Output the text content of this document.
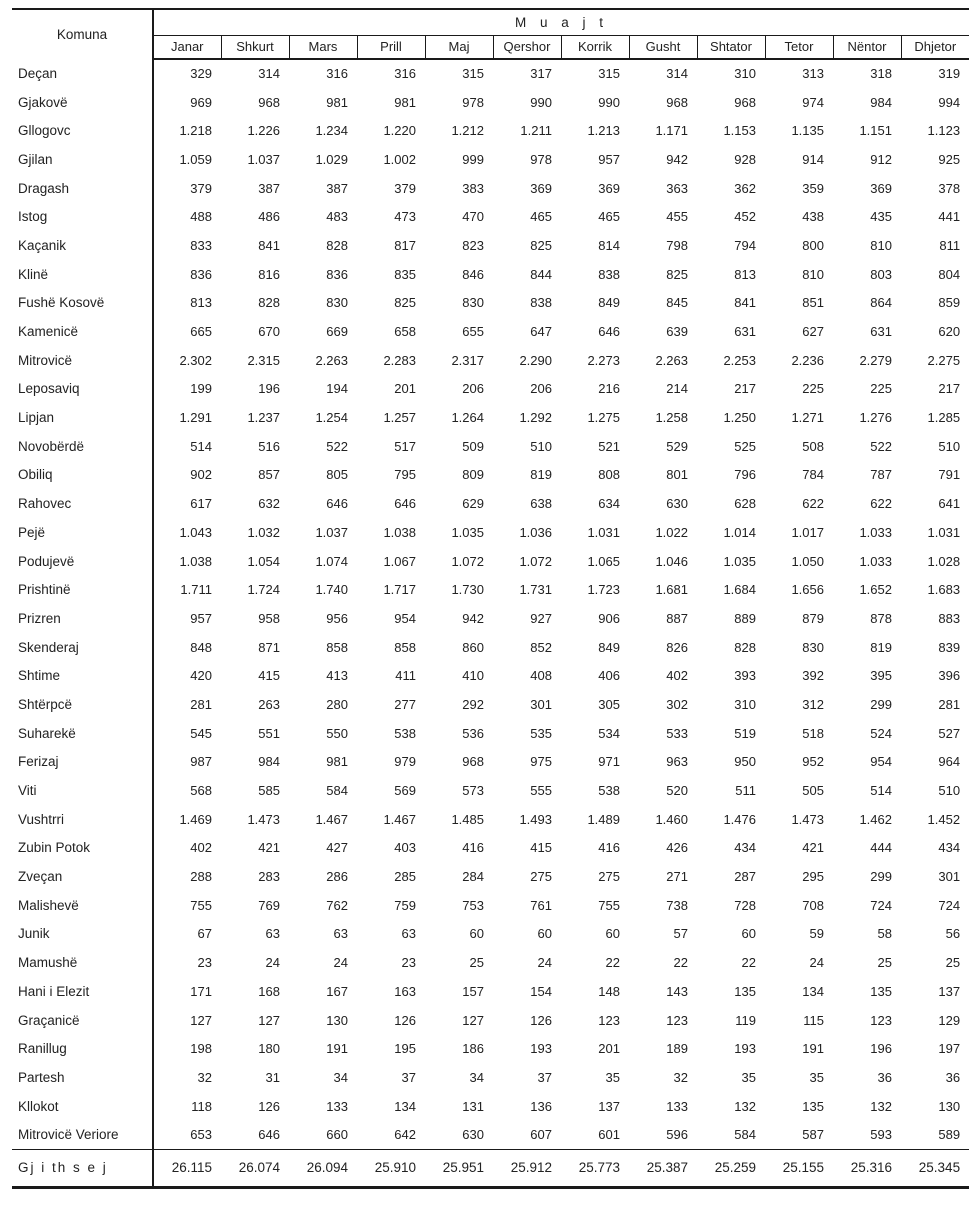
Komuna	M u a j t											
	Janar	Shkurt	Mars	Prill	Maj	Qershor	Korrik	Gusht	Shtator	Tetor	Nëntor	Dhjetor
Deçan	329	314	316	316	315	317	315	314	310	313	318	319
Gjakovë	969	968	981	981	978	990	990	968	968	974	984	994
Gllogovc	1.218	1.226	1.234	1.220	1.212	1.211	1.213	1.171	1.153	1.135	1.151	1.123
Gjilan	1.059	1.037	1.029	1.002	999	978	957	942	928	914	912	925
Dragash	379	387	387	379	383	369	369	363	362	359	369	378
Istog	488	486	483	473	470	465	465	455	452	438	435	441
Kaçanik	833	841	828	817	823	825	814	798	794	800	810	811
Klinë	836	816	836	835	846	844	838	825	813	810	803	804
Fushë Kosovë	813	828	830	825	830	838	849	845	841	851	864	859
Kamenicë	665	670	669	658	655	647	646	639	631	627	631	620
Mitrovicë	2.302	2.315	2.263	2.283	2.317	2.290	2.273	2.263	2.253	2.236	2.279	2.275
Leposaviq	199	196	194	201	206	206	216	214	217	225	225	217
Lipjan	1.291	1.237	1.254	1.257	1.264	1.292	1.275	1.258	1.250	1.271	1.276	1.285
Novobërdë	514	516	522	517	509	510	521	529	525	508	522	510
Obiliq	902	857	805	795	809	819	808	801	796	784	787	791
Rahovec	617	632	646	646	629	638	634	630	628	622	622	641
Pejë	1.043	1.032	1.037	1.038	1.035	1.036	1.031	1.022	1.014	1.017	1.033	1.031
Podujevë	1.038	1.054	1.074	1.067	1.072	1.072	1.065	1.046	1.035	1.050	1.033	1.028
Prishtinë	1.711	1.724	1.740	1.717	1.730	1.731	1.723	1.681	1.684	1.656	1.652	1.683
Prizren	957	958	956	954	942	927	906	887	889	879	878	883
Skenderaj	848	871	858	858	860	852	849	826	828	830	819	839
Shtime	420	415	413	411	410	408	406	402	393	392	395	396
Shtërpcë	281	263	280	277	292	301	305	302	310	312	299	281
Suharekë	545	551	550	538	536	535	534	533	519	518	524	527
Ferizaj	987	984	981	979	968	975	971	963	950	952	954	964
Viti	568	585	584	569	573	555	538	520	511	505	514	510
Vushtrri	1.469	1.473	1.467	1.467	1.485	1.493	1.489	1.460	1.476	1.473	1.462	1.452
Zubin Potok	402	421	427	403	416	415	416	426	434	421	444	434
Zveçan	288	283	286	285	284	275	275	271	287	295	299	301
Malishevë	755	769	762	759	753	761	755	738	728	708	724	724
Junik	67	63	63	63	60	60	60	57	60	59	58	56
Mamushë	23	24	24	23	25	24	22	22	22	24	25	25
Hani i Elezit	171	168	167	163	157	154	148	143	135	134	135	137
Graçanicë	127	127	130	126	127	126	123	123	119	115	123	129
Ranillug	198	180	191	195	186	193	201	189	193	191	196	197
Partesh	32	31	34	37	34	37	35	32	35	35	36	36
Kllokot	118	126	133	134	131	136	137	133	132	135	132	130
Mitrovicë Veriore	653	646	660	642	630	607	601	596	584	587	593	589
Gj i th s e j	26.115	26.074	26.094	25.910	25.951	25.912	25.773	25.387	25.259	25.155	25.316	25.345
